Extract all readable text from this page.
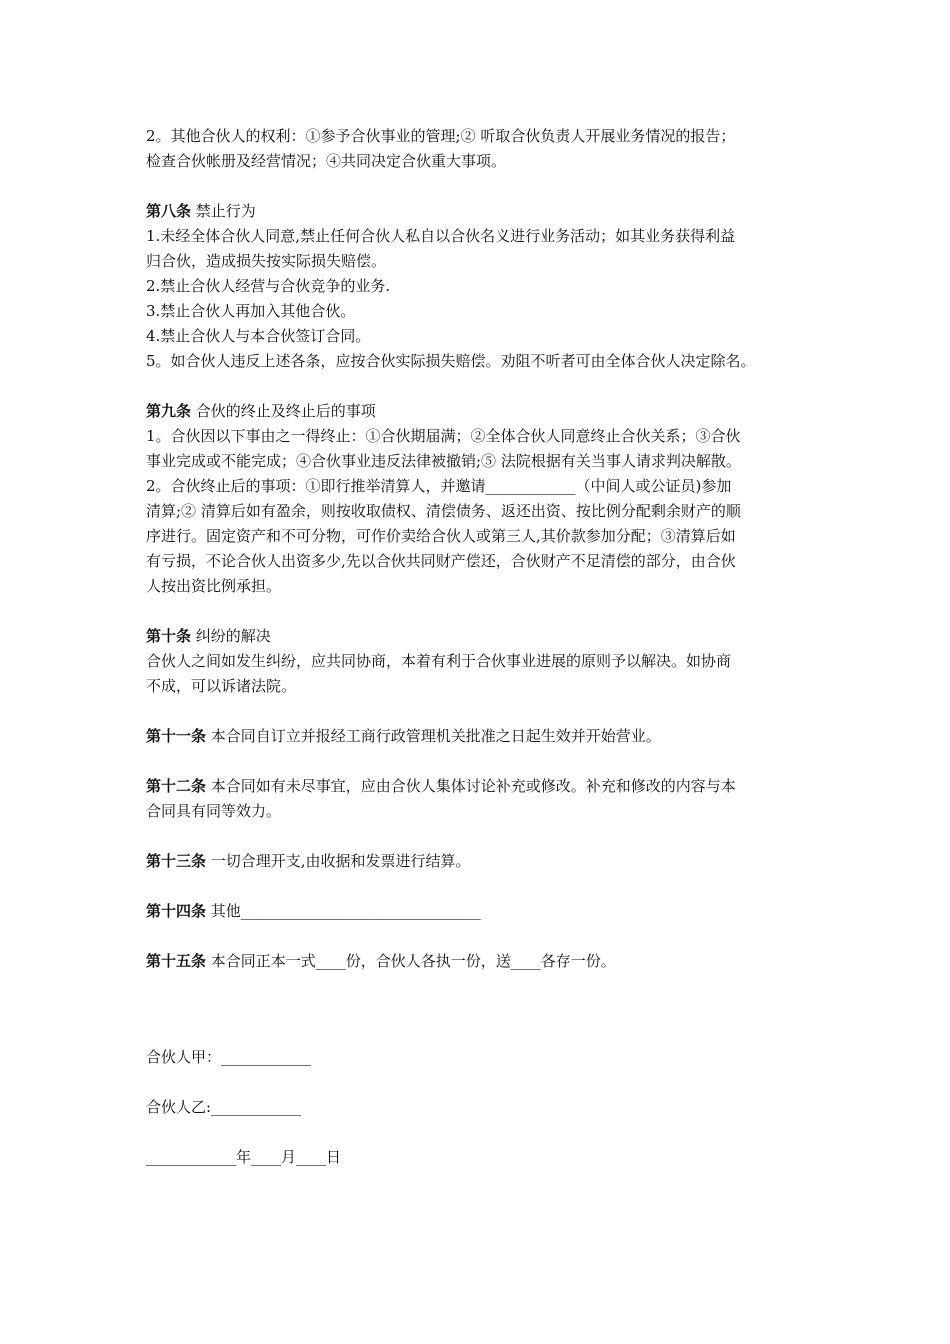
2。其他合伙人的权利：①参予合伙事业的管理;② 听取合伙负责人开展业务情况的报告；
检查合伙帐册及经营情况；④共同决定合伙重大事项。
第八条 禁止行为
1.未经全体合伙人同意,禁止任何合伙人私自以合伙名义进行业务活动；如其业务获得利益
归合伙，造成损失按实际损失赔偿。
2.禁止合伙人经营与合伙竞争的业务.
3.禁止合伙人再加入其他合伙。
4.禁止合伙人与本合伙签订合同。
5。如合伙人违反上述各条，应按合伙实际损失赔偿。劝阻不听者可由全体合伙人决定除名。
第九条 合伙的终止及终止后的事项
1。合伙因以下事由之一得终止：①合伙期届满；②全体合伙人同意终止合伙关系；③合伙
事业完成或不能完成；④合伙事业违反法律被撤销;⑤ 法院根据有关当事人请求判决解散。
2。合伙终止后的事项：①即行推举清算人，并邀请____________（中间人或公证员)参加
清算;② 清算后如有盈余，则按收取债权、清偿债务、返还出资、按比例分配剩余财产的顺
序进行。固定资产和不可分物，可作价卖给合伙人或第三人,其价款参加分配；③清算后如
有亏损，不论合伙人出资多少,先以合伙共同财产偿还，合伙财产不足清偿的部分，由合伙
人按出资比例承担。
第十条 纠纷的解决
合伙人之间如发生纠纷，应共同协商，本着有利于合伙事业进展的原则予以解决。如协商
不成，可以诉诸法院。
第十一条 本合同自订立并报经工商行政管理机关批准之日起生效并开始营业。
第十二条 本合同如有未尽事宜，应由合伙人集体讨论补充或修改。补充和修改的内容与本
合同具有同等效力。
第十三条 一切合理开支,由收据和发票进行结算。
第十四条 其他________________________________
第十五条 本合同正本一式____份，合伙人各执一份，送____各存一份。
合伙人甲：____________
合伙人乙:____________
____________年____月____日
